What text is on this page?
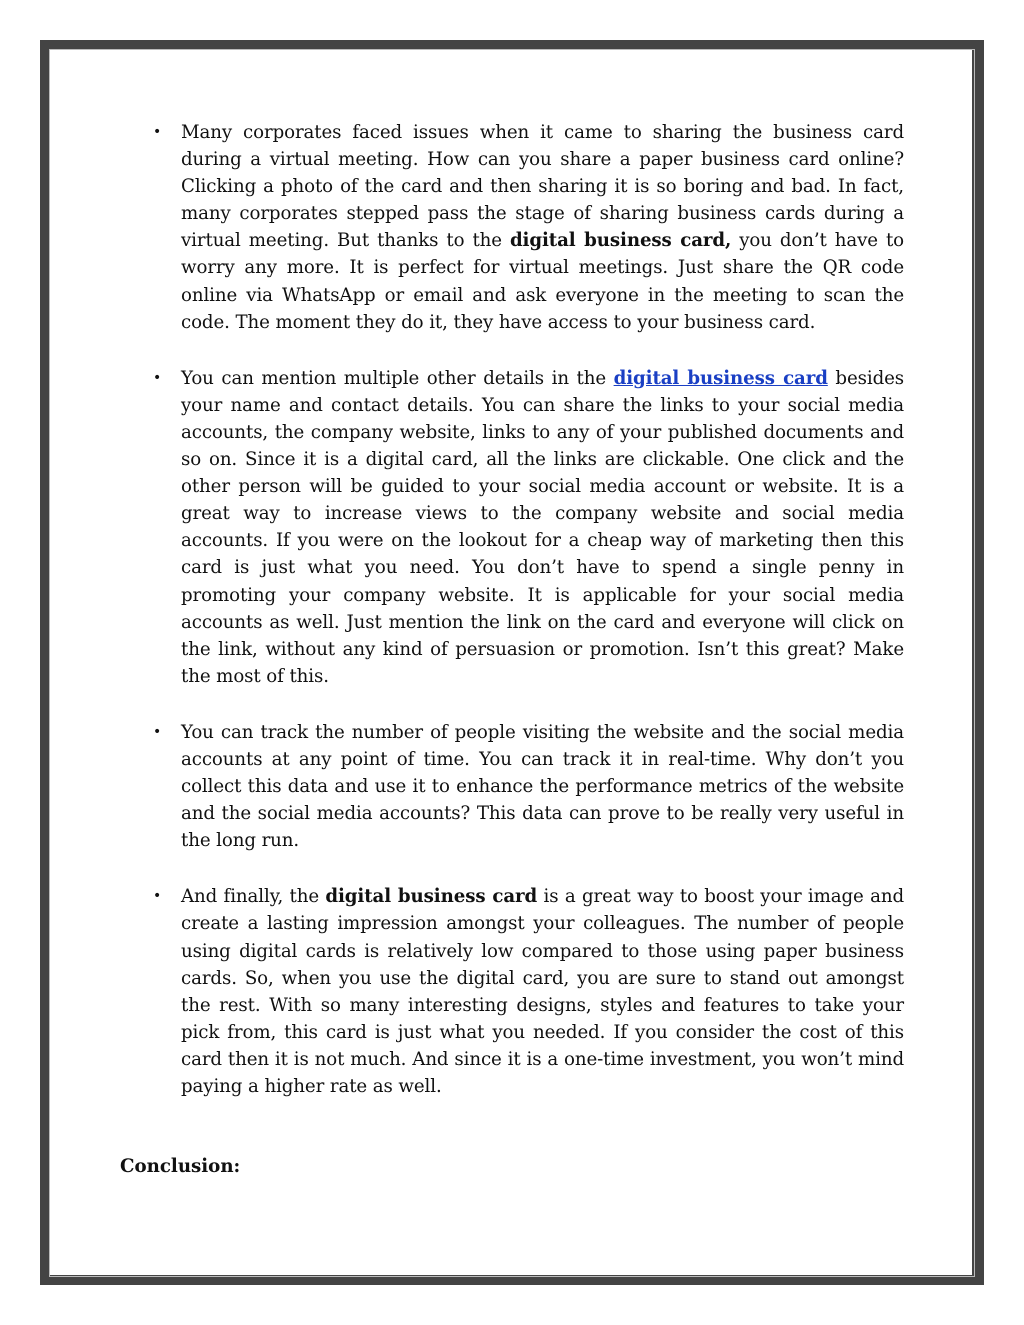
• Many corporates faced issues when it came to sharing the business card during a virtual meeting. How can you share a paper business card online? Clicking a photo of the card and then sharing it is so boring and bad. In fact, many corporates stepped pass the stage of sharing business cards during a virtual meeting. But thanks to the digital business card, you don’t have to worry any more. It is perfect for virtual meetings. Just share the QR code online via WhatsApp or email and ask everyone in the meeting to scan the code. The moment they do it, they have access to your business card.
• You can mention multiple other details in the digital business card besides your name and contact details. You can share the links to your social media accounts, the company website, links to any of your published documents and so on. Since it is a digital card, all the links are clickable. One click and the other person will be guided to your social media account or website. It is a great way to increase views to the company website and social media accounts. If you were on the lookout for a cheap way of marketing then this card is just what you need. You don’t have to spend a single penny in promoting your company website. It is applicable for your social media accounts as well. Just mention the link on the card and everyone will click on the link, without any kind of persuasion or promotion. Isn’t this great? Make the most of this.
• You can track the number of people visiting the website and the social media accounts at any point of time. You can track it in real-time. Why don’t you collect this data and use it to enhance the performance metrics of the website and the social media accounts? This data can prove to be really very useful in the long run.
• And finally, the digital business card is a great way to boost your image and create a lasting impression amongst your colleagues. The number of people using digital cards is relatively low compared to those using paper business cards. So, when you use the digital card, you are sure to stand out amongst the rest. With so many interesting designs, styles and features to take your pick from, this card is just what you needed. If you consider the cost of this card then it is not much. And since it is a one-time investment, you won’t mind paying a higher rate as well.

Conclusion:
